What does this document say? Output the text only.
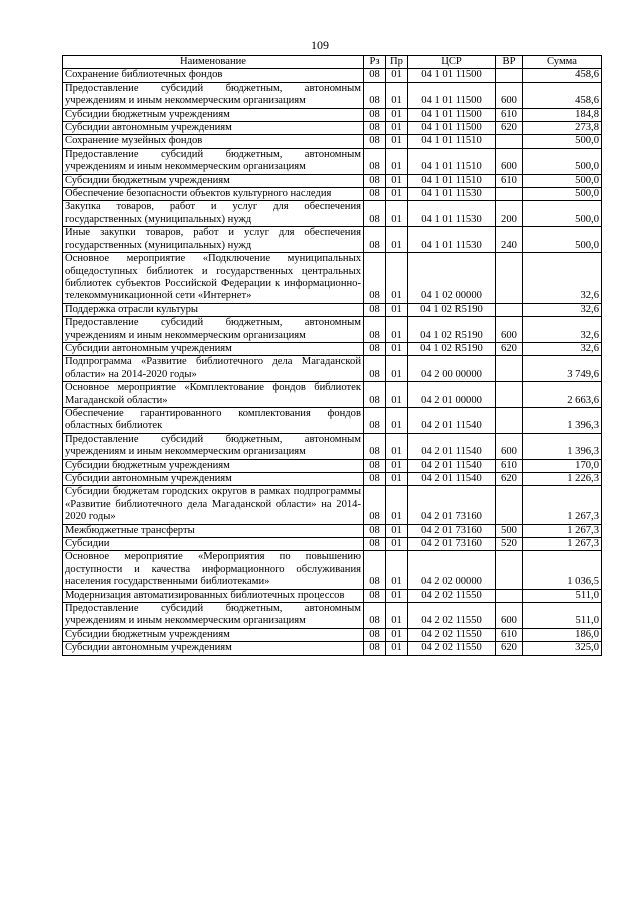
109
Наименование	Рз	Пр	ЦСР	ВР	Сумма
Сохранение библиотечных фондов	08	01	04 1 01 11500		458,6
Предоставление субсидий бюджетным, автономным учреждениям и иным некоммерческим организациям	08	01	04 1 01 11500	600	458,6
Субсидии бюджетным учреждениям	08	01	04 1 01 11500	610	184,8
Субсидии автономным учреждениям	08	01	04 1 01 11500	620	273,8
Сохранение музейных фондов	08	01	04 1 01 11510		500,0
Предоставление субсидий бюджетным, автономным учреждениям и иным некоммерческим организациям	08	01	04 1 01 11510	600	500,0
Субсидии бюджетным учреждениям	08	01	04 1 01 11510	610	500,0
Обеспечение безопасности объектов культурного наследия	08	01	04 1 01 11530		500,0
Закупка товаров, работ и услуг для обеспечения государственных (муниципальных) нужд	08	01	04 1 01 11530	200	500,0
Иные закупки товаров, работ и услуг для обеспечения государственных (муниципальных) нужд	08	01	04 1 01 11530	240	500,0
Основное мероприятие «Подключение муниципальных общедоступных библиотек и государственных центральных библиотек субъектов Российской Федерации к информационно-телекоммуникационной сети «Интернет»	08	01	04 1 02 00000		32,6
Поддержка отрасли культуры	08	01	04 1 02 R5190		32,6
Предоставление субсидий бюджетным, автономным учреждениям и иным некоммерческим организациям	08	01	04 1 02 R5190	600	32,6
Субсидии автономным учреждениям	08	01	04 1 02 R5190	620	32,6
Подпрограмма «Развитие библиотечного дела Магаданской области» на 2014-2020 годы»	08	01	04 2 00 00000		3 749,6
Основное мероприятие «Комплектование фондов библиотек Магаданской области»	08	01	04 2 01 00000		2 663,6
Обеспечение гарантированного комплектования фондов областных библиотек	08	01	04 2 01 11540		1 396,3
Предоставление субсидий бюджетным, автономным учреждениям и иным некоммерческим организациям	08	01	04 2 01 11540	600	1 396,3
Субсидии бюджетным учреждениям	08	01	04 2 01 11540	610	170,0
Субсидии автономным учреждениям	08	01	04 2 01 11540	620	1 226,3
Субсидии бюджетам городских округов в рамках подпрограммы «Развитие библиотечного дела Магаданской области» на 2014-2020 годы»	08	01	04 2 01 73160		1 267,3
Межбюджетные трансферты	08	01	04 2 01 73160	500	1 267,3
Субсидии	08	01	04 2 01 73160	520	1 267,3
Основное мероприятие «Мероприятия по повышению доступности и качества информационного обслуживания населения государственными библиотеками»	08	01	04 2 02 00000		1 036,5
Модернизация автоматизированных библиотечных процессов	08	01	04 2 02 11550		511,0
Предоставление субсидий бюджетным, автономным учреждениям и иным некоммерческим организациям	08	01	04 2 02 11550	600	511,0
Субсидии бюджетным учреждениям	08	01	04 2 02 11550	610	186,0
Субсидии автономным учреждениям	08	01	04 2 02 11550	620	325,0
